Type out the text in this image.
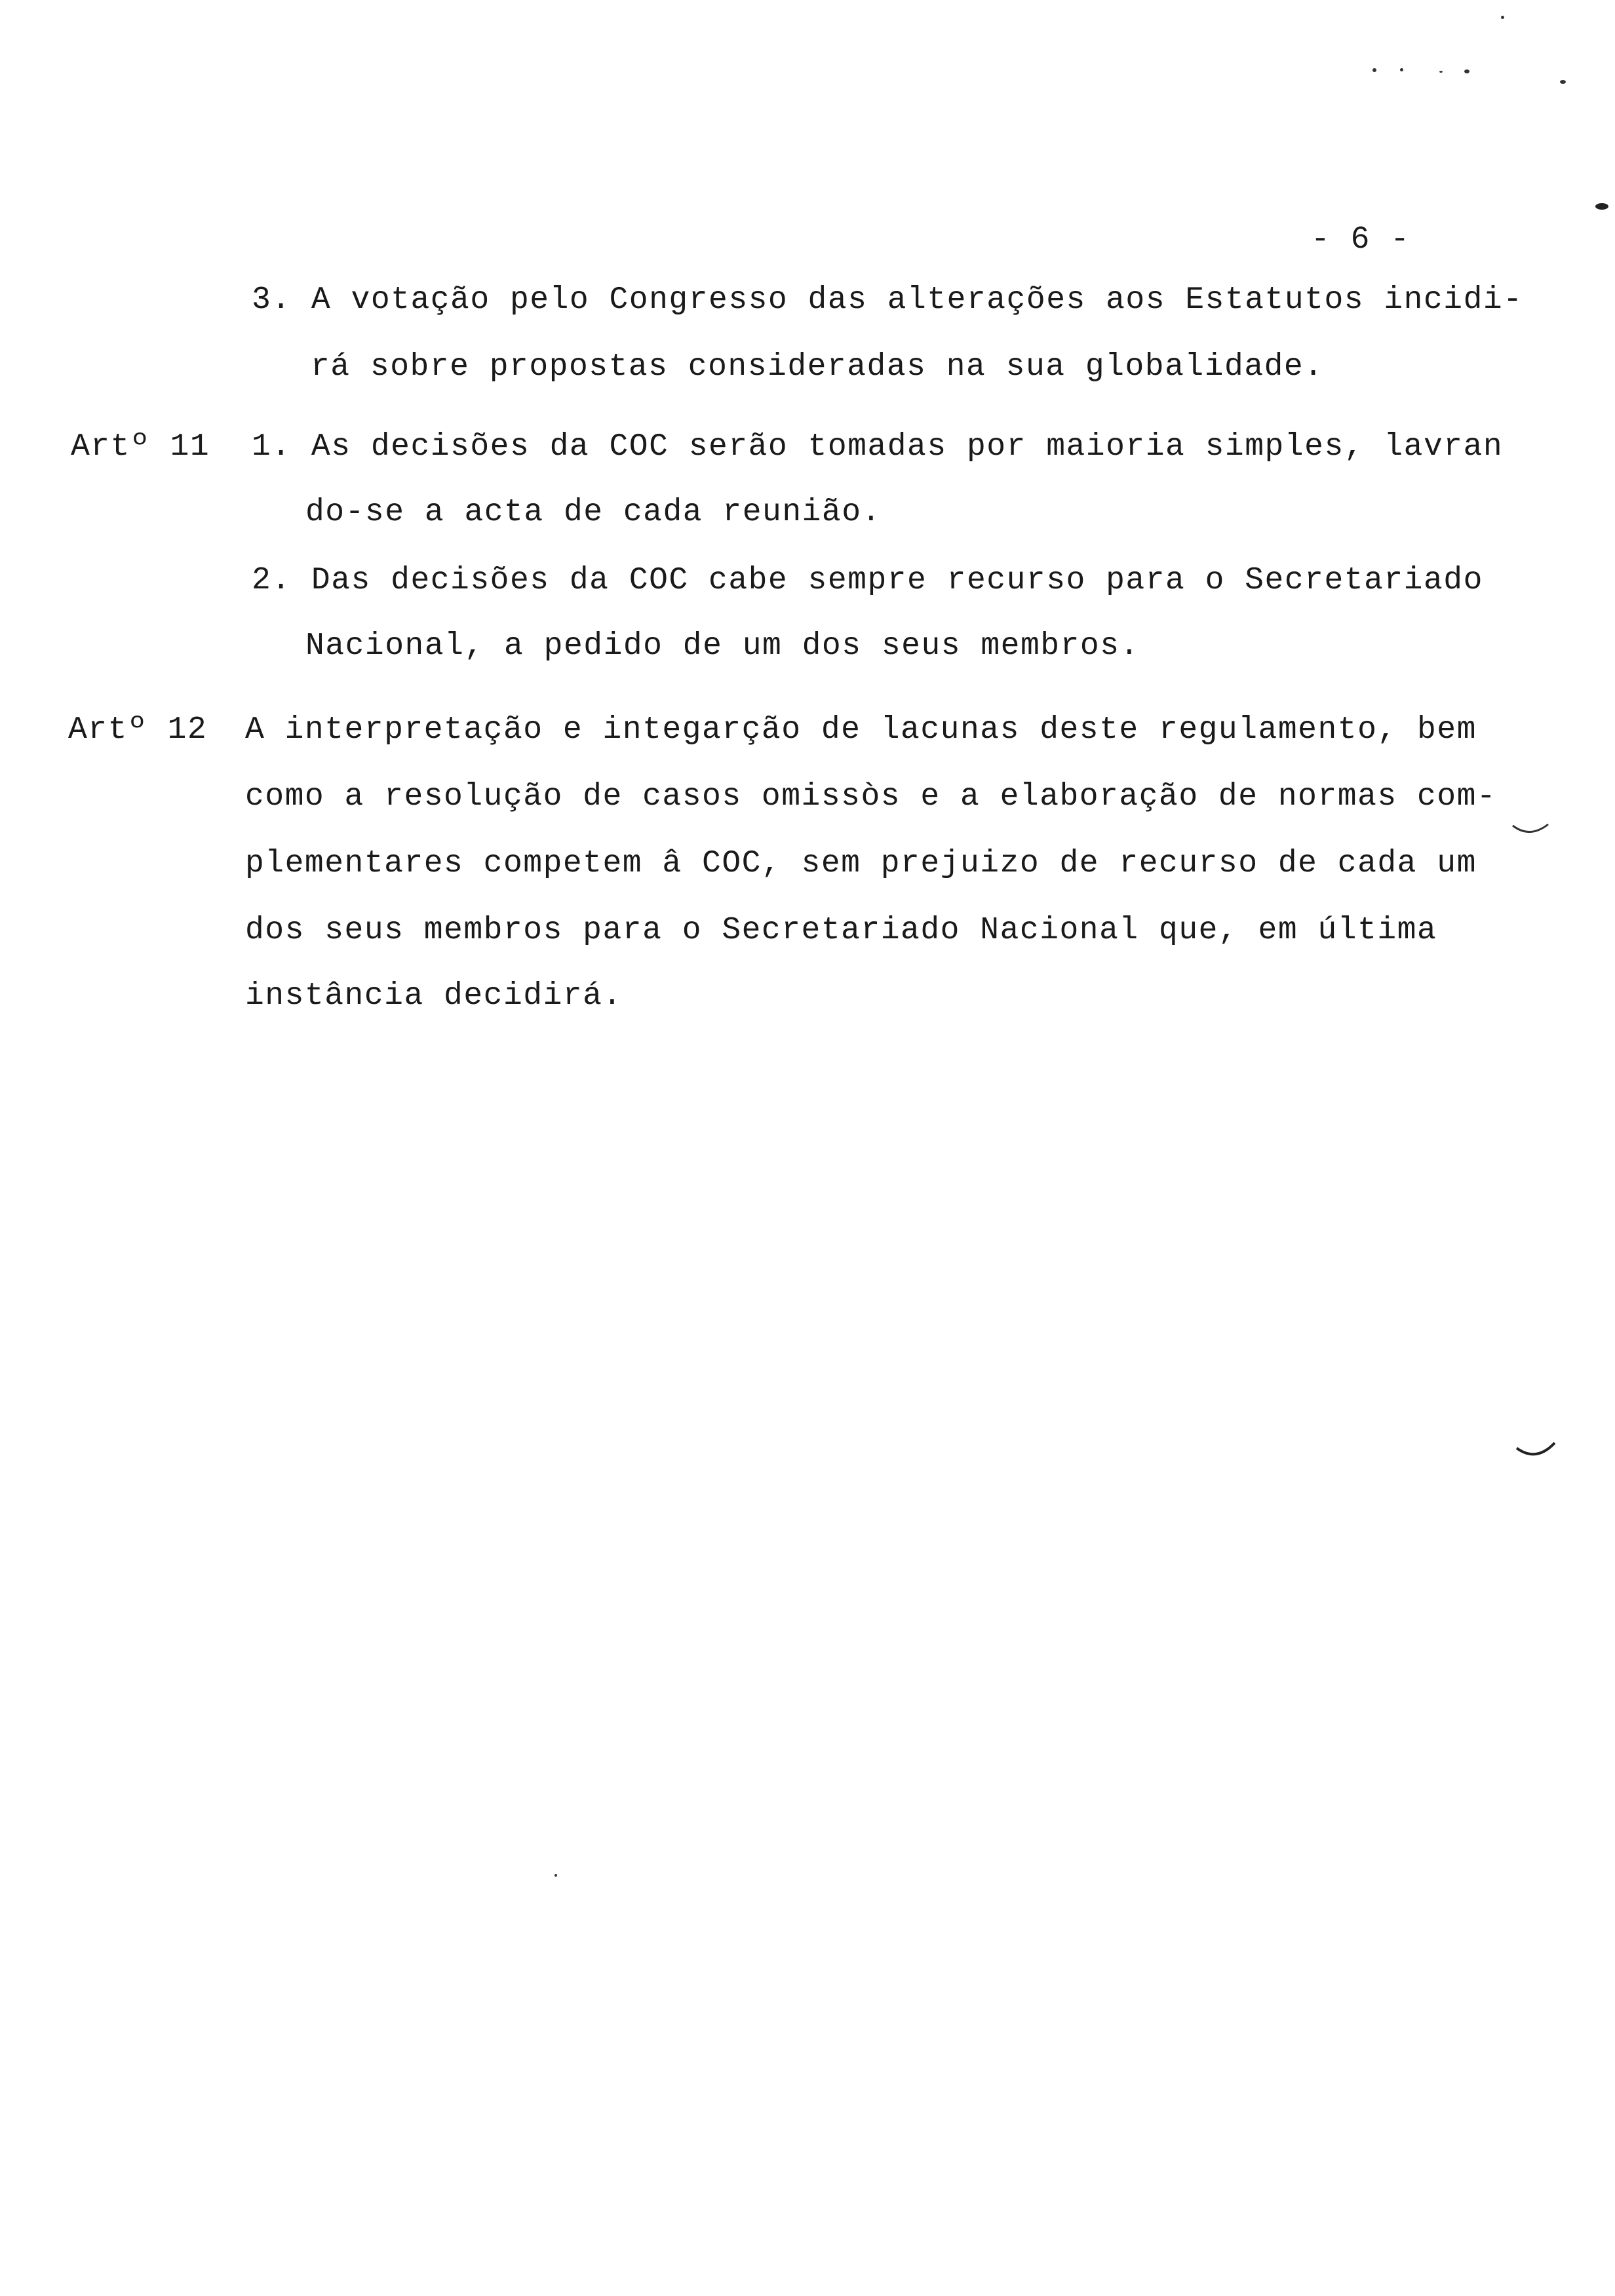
- 6 -
3. A votação pelo Congresso das alterações aos Estatutos incidi-
rá sobre propostas consideradas na sua globalidade.
Artº 11 1. As decisões da COC serão tomadas por maioria simples, lavran
do-se a acta de cada reunião.
2. Das decisões da COC cabe sempre recurso para o Secretariado
Nacional, a pedido de um dos seus membros.
Artº 12 A interpretação e integarção de lacunas deste regulamento, bem
como a resolução de casos omissòs e a elaboração de normas com-
plementares competem â COC, sem prejuizo de recurso de cada um
dos seus membros para o Secretariado Nacional que, em última
instância decidirá.
